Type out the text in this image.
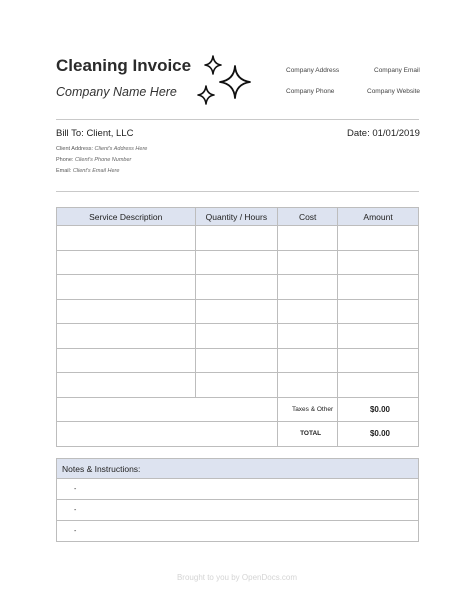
Cleaning Invoice
Company Name Here
Company Address	Company Email
Company Phone	Company Website
Bill To: Client, LLC	Date: 01/01/2019
Client Address: Client's Address Here
Phone: Client's Phone Number
Email: Client's Email Here
Service Description	Quantity / Hours	Cost	Amount

		Taxes & Other	$0.00
		TOTAL	$0.00
Notes & Instructions:
-
-
-
Brought to you by OpenDocs.com
